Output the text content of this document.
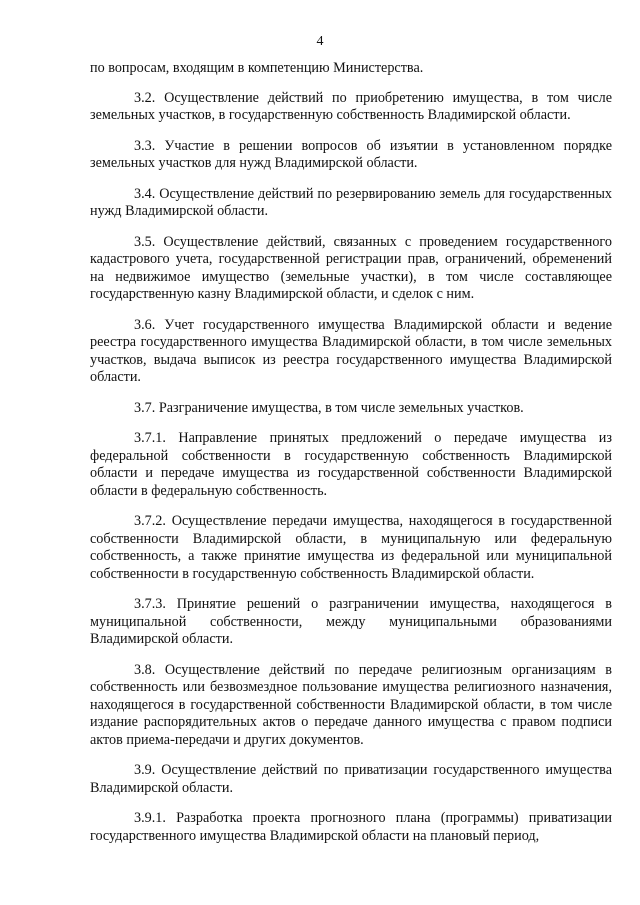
4

по вопросам, входящим в компетенцию Министерства.

3.2. Осуществление действий по приобретению имущества, в том числе земельных участков, в государственную собственность Владимирской области.

3.3. Участие в решении вопросов об изъятии в установленном порядке земельных участков для нужд Владимирской области.

3.4. Осуществление действий по резервированию земель для государственных нужд Владимирской области.

3.5. Осуществление действий, связанных с проведением государственного кадастрового учета, государственной регистрации прав, ограничений, обременений на недвижимое имущество (земельные участки), в том числе составляющее государственную казну Владимирской области, и сделок с ним.

3.6. Учет государственного имущества Владимирской области и ведение реестра государственного имущества Владимирской области, в том числе земельных участков, выдача выписок из реестра государственного имущества Владимирской области.

3.7. Разграничение имущества, в том числе земельных участков.

3.7.1. Направление принятых предложений о передаче имущества из федеральной собственности в государственную собственность Владимирской области и передаче имущества из государственной собственности Владимирской области в федеральную собственность.

3.7.2. Осуществление передачи имущества, находящегося в государственной собственности Владимирской области, в муниципальную или федеральную собственность, а также принятие имущества из федеральной или муниципальной собственности в государственную собственность Владимирской области.

3.7.3. Принятие решений о разграничении имущества, находящегося в муниципальной собственности, между муниципальными образованиями Владимирской области.

3.8. Осуществление действий по передаче религиозным организациям в собственность или безвозмездное пользование имущества религиозного назначения, находящегося в государственной собственности Владимирской области, в том числе издание распорядительных актов о передаче данного имущества с правом подписи актов приема-передачи и других документов.

3.9. Осуществление действий по приватизации государственного имущества Владимирской области.

3.9.1. Разработка проекта прогнозного плана (программы) приватизации государственного имущества Владимирской области на плановый период,
